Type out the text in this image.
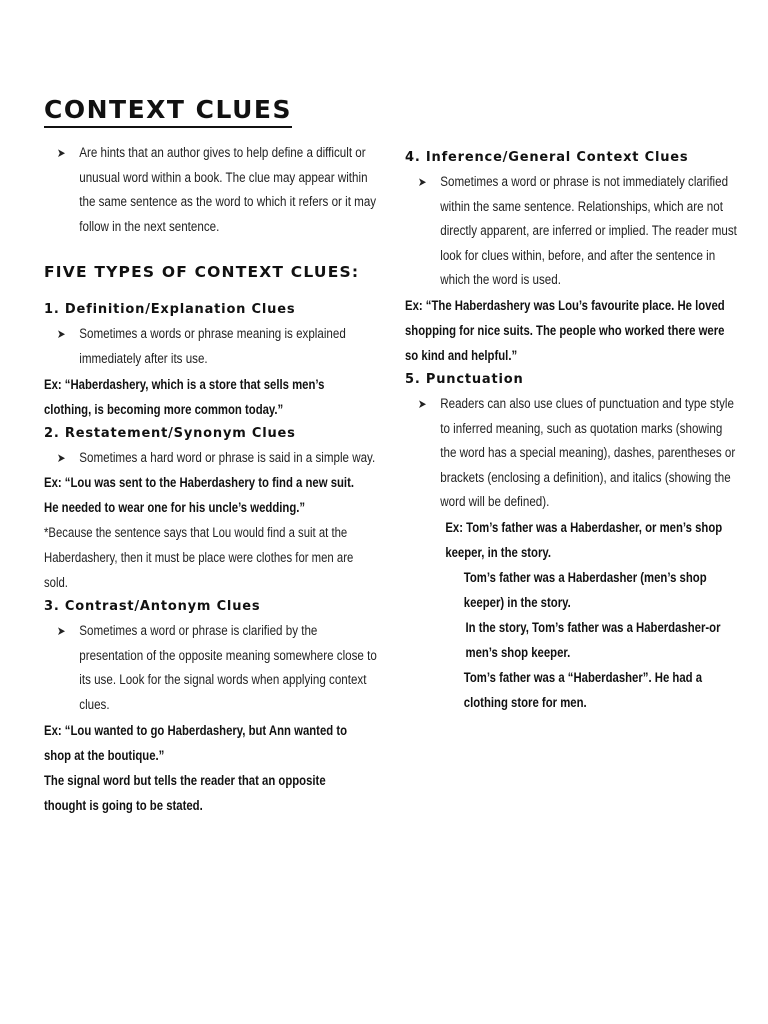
CONTEXT CLUES
➤ Are hints that an author gives to help define a difficult or unusual word within a book. The clue may appear within the same sentence as the word to which it refers or it may follow in the next sentence.
FIVE TYPES OF CONTEXT CLUES:
1. Definition/Explanation Clues
➤ Sometimes a words or phrase meaning is explained immediately after its use.
Ex: “Haberdashery, which is a store that sells men’s clothing, is becoming more common today.”
2. Restatement/Synonym Clues
➤ Sometimes a hard word or phrase is said in a simple way.
Ex: “Lou was sent to the Haberdashery to find a new suit. He needed to wear one for his uncle’s wedding.”
*Because the sentence says that Lou would find a suit at the Haberdashery, then it must be place were clothes for men are sold.
3. Contrast/Antonym Clues
➤ Sometimes a word or phrase is clarified by the presentation of the opposite meaning somewhere close to its use. Look for the signal words when applying context clues.
Ex: “Lou wanted to go Haberdashery, but Ann wanted to shop at the boutique.”
The signal word but tells the reader that an opposite thought is going to be stated.
4. Inference/General Context Clues
➤ Sometimes a word or phrase is not immediately clarified within the same sentence. Relationships, which are not directly apparent, are inferred or implied. The reader must look for clues within, before, and after the sentence in which the word is used.
Ex: “The Haberdashery was Lou’s favourite place. He loved shopping for nice suits. The people who worked there were so kind and helpful.”
5. Punctuation
➤ Readers can also use clues of punctuation and type style to inferred meaning, such as quotation marks (showing the word has a special meaning), dashes, parentheses or brackets (enclosing a definition), and italics (showing the word will be defined).
Ex: Tom’s father was a Haberdasher, or men’s shop keeper, in the story.
Tom’s father was a Haberdasher (men’s shop keeper) in the story.
In the story, Tom’s father was a Haberdasher-or men’s shop keeper.
Tom’s father was a “Haberdasher”. He had a clothing store for men.
